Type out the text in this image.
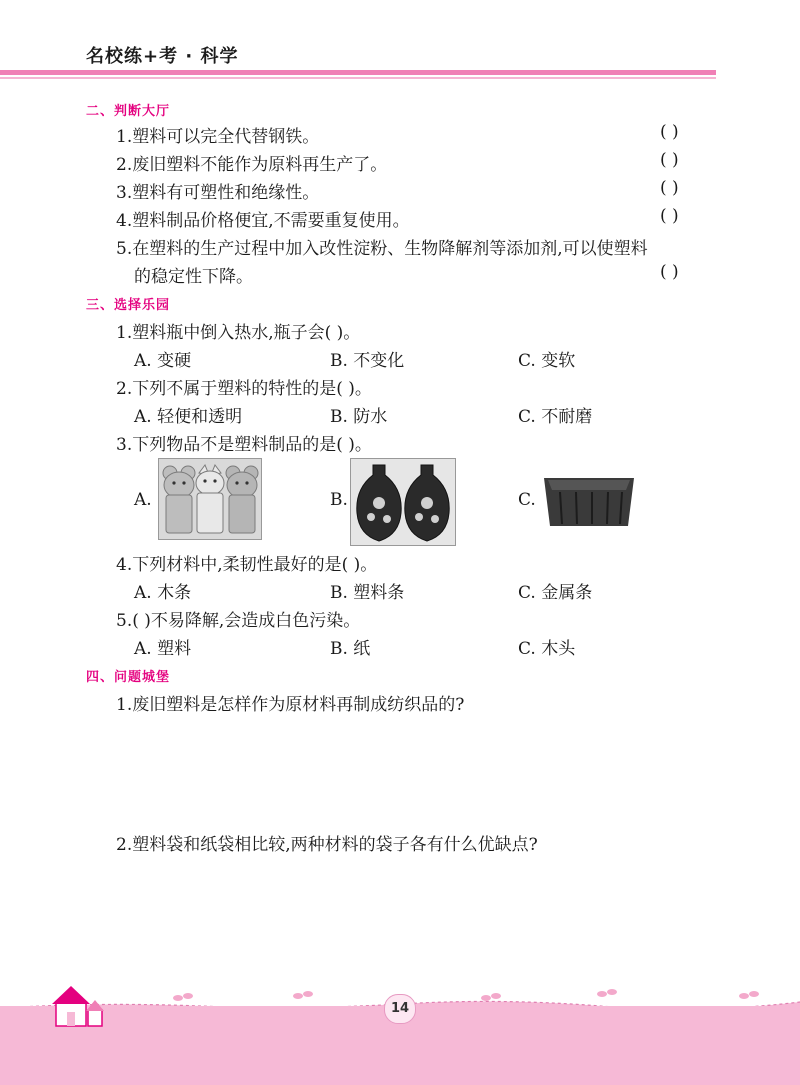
名校练+考 · 科学
二、判断大厅
1.塑料可以完全代替钢铁。	( )
2.废旧塑料不能作为原料再生产了。	( )
3.塑料有可塑性和绝缘性。	( )
4.塑料制品价格便宜,不需要重复使用。	( )
5.在塑料的生产过程中加入改性淀粉、生物降解剂等添加剂,可以使塑料
的稳定性下降。	( )
三、选择乐园
1.塑料瓶中倒入热水,瓶子会( )。
A. 变硬	B. 不变化	C. 变软
2.下列不属于塑料的特性的是( )。
A. 轻便和透明	B. 防水	C. 不耐磨
3.下列物品不是塑料制品的是( )。
A.	B.	C.
4.下列材料中,柔韧性最好的是( )。
A. 木条	B. 塑料条	C. 金属条
5.( )不易降解,会造成白色污染。
A. 塑料	B. 纸	C. 木头
四、问题城堡
1.废旧塑料是怎样作为原材料再制成纺织品的?
2.塑料袋和纸袋相比较,两种材料的袋子各有什么优缺点?
14
